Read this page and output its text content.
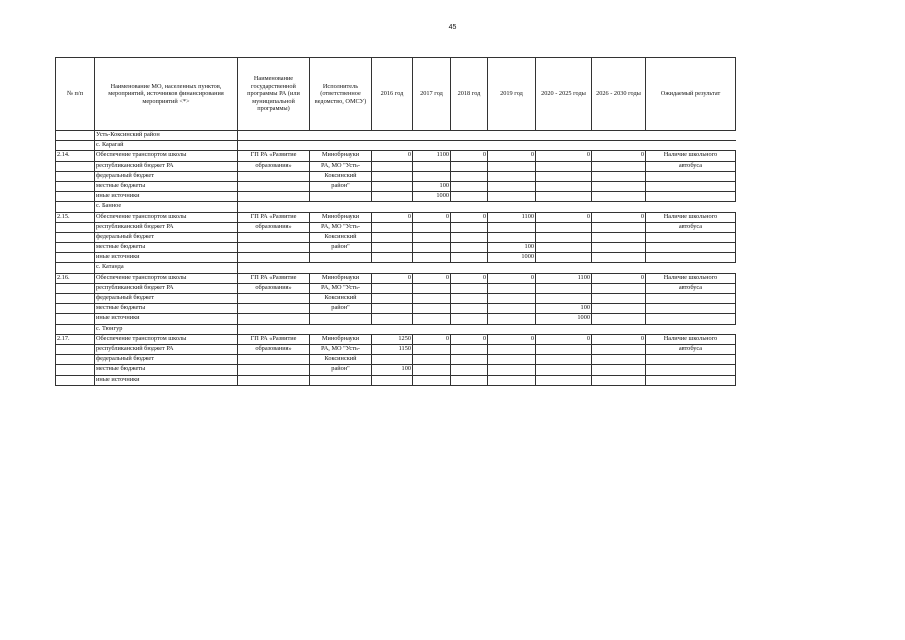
45
№ п/п	Наименование МО, населенных пунктов, мероприятий, источников финансирования мероприятий <*>	Наименование государственной программы РА (или муниципальной программы)	Исполнитель (ответственное ведомство, ОМСУ)	2016 год	2017 год	2018 год	2019 год	2020 - 2025 годы	2026 - 2030 годы	Ожидаемый результат
	Усть-Коксинский район									
	с. Карагай									
2.14.	Обеспечение транспортом школы	ГП РА «Развитие	Минобрнауки	0	1100	0	0	0	0	Наличие школьного
	республиканский бюджет РА	образования»	РА, МО "Усть-							автобуса
	федеральный бюджет		Коксинский							
	местные бюджеты		район"		100					
	иные источники				1000					
	с. Банное									
2.15.	Обеспечение транспортом школы	ГП РА «Развитие	Минобрнауки	0	0	0	1100	0	0	Наличие школьного
	республиканский бюджет РА	образования»	РА, МО "Усть-							автобуса
	федеральный бюджет		Коксинский							
	местные бюджеты		район"				100			
	иные источники						1000			
	с. Катанда									
2.16.	Обеспечение транспортом школы	ГП РА «Развитие	Минобрнауки	0	0	0	0	1100	0	Наличие школьного
	республиканский бюджет РА	образования»	РА, МО "Усть-							автобуса
	федеральный бюджет		Коксинский							
	местные бюджеты		район"					100		
	иные источники							1000		
	с. Тюнгур									
2.17.	Обеспечение транспортом школы	ГП РА «Развитие	Минобрнауки	1250	0	0	0	0	0	Наличие школьного
	республиканский бюджет РА	образования»	РА, МО "Усть-	1150						автобуса
	федеральный бюджет		Коксинский							
	местные бюджеты		район"	100						
	иные источники									
